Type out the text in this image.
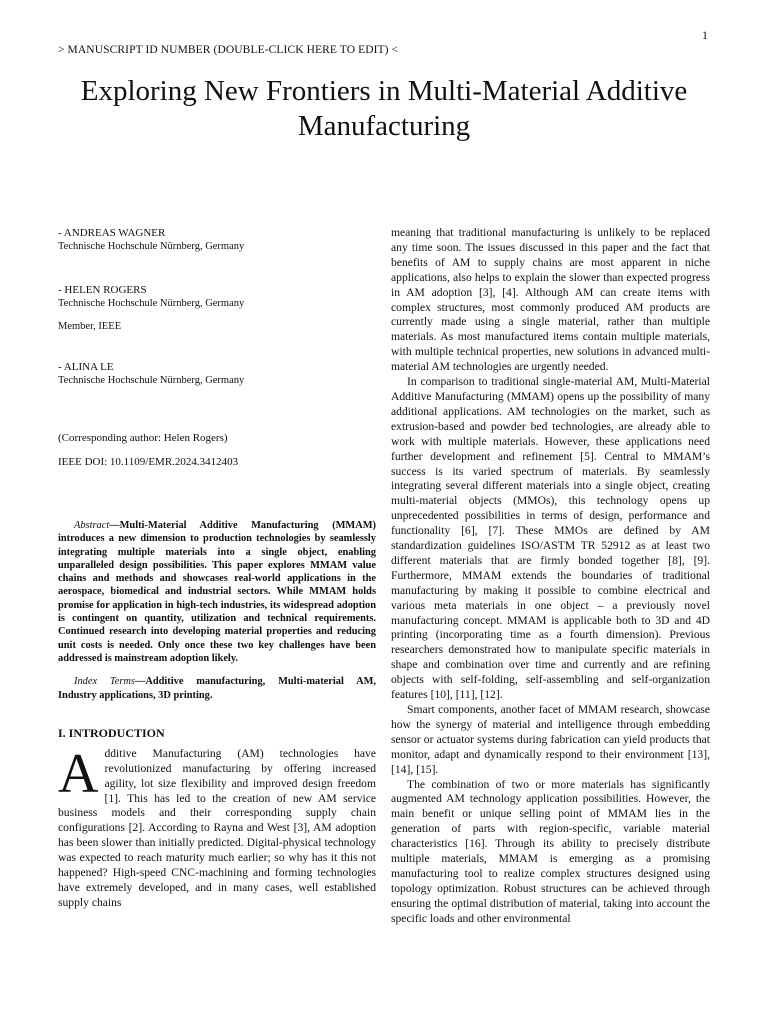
1
> MANUSCRIPT ID NUMBER (DOUBLE-CLICK HERE TO EDIT) <
Exploring New Frontiers in Multi-Material Additive
Manufacturing
- ANDREAS WAGNER
Technische Hochschule Nürnberg, Germany
- HELEN ROGERS
Technische Hochschule Nürnberg, Germany
Member, IEEE
- ALINA LE
Technische Hochschule Nürnberg, Germany
(Corresponding author: Helen Rogers)
IEEE DOI: 10.1109/EMR.2024.3412403

Abstract—Multi-Material Additive Manufacturing (MMAM) introduces a new dimension to production technologies by seamlessly integrating multiple materials into a single object, enabling unparalleled design possibilities. This paper explores MMAM value chains and methods and showcases real-world applications in the aerospace, biomedical and industrial sectors. While MMAM holds promise for application in high-tech industries, its widespread adoption is contingent on quantity, utilization and technical requirements. Continued research into developing material properties and reducing unit costs is needed. Only once these two key challenges have been addressed is mainstream adoption likely.

Index Terms—Additive manufacturing, Multi-material AM, Industry applications, 3D printing.

I. INTRODUCTION

Additive Manufacturing (AM) technologies have revolutionized manufacturing by offering increased agility, lot size flexibility and improved design freedom [1]. This has led to the creation of new AM service business models and their corresponding supply chain configurations [2]. According to Rayna and West [3], AM adoption has been slower than initially predicted. Digital-physical technology was expected to reach maturity much earlier; so why has it this not happened? High-speed CNC-machining and forming technologies have extremely developed, and in many cases, well established supply chains

meaning that traditional manufacturing is unlikely to be replaced any time soon. The issues discussed in this paper and the fact that benefits of AM to supply chains are most apparent in niche applications, also helps to explain the slower than expected progress in AM adoption [3], [4]. Although AM can create items with complex structures, most commonly produced AM products are currently made using a single material, rather than multiple materials. As most manufactured items contain multiple materials, with multiple technical properties, new solutions in advanced multi-material AM technologies are urgently needed.

In comparison to traditional single-material AM, Multi-Material Additive Manufacturing (MMAM) opens up the possibility of many additional applications. AM technologies on the market, such as extrusion-based and powder bed technologies, are already able to work with multiple materials. However, these applications need further development and refinement [5]. Central to MMAM’s success is its varied spectrum of materials. By seamlessly integrating several different materials into a single object, creating multi-material objects (MMOs), this technology opens up unprecedented possibilities in terms of design, performance and functionality [6], [7]. These MMOs are defined by AM standardization guidelines ISO/ASTM TR 52912 as at least two different materials that are firmly bonded together [8], [9]. Furthermore, MMAM extends the boundaries of traditional manufacturing by making it possible to combine electrical and various meta materials in one object – a previously novel manufacturing concept. MMAM is applicable both to 3D and 4D printing (incorporating time as a fourth dimension). Previous researchers demonstrated how to manipulate specific materials in shape and combination over time and currently and are refining objects with self-folding, self-assembling and self-organization features [10], [11], [12].

Smart components, another facet of MMAM research, showcase how the synergy of material and intelligence through embedding sensor or actuator systems during fabrication can yield products that monitor, adapt and dynamically respond to their environment [13], [14], [15].

The combination of two or more materials has significantly augmented AM technology application possibilities. However, the main benefit or unique selling point of MMAM lies in the generation of parts with region-specific, variable material characteristics [16]. Through its ability to precisely distribute multiple materials, MMAM is emerging as a promising manufacturing tool to realize complex structures designed using topology optimization. Robust structures can be achieved through ensuring the optimal distribution of material, taking into account the specific loads and other environmental
